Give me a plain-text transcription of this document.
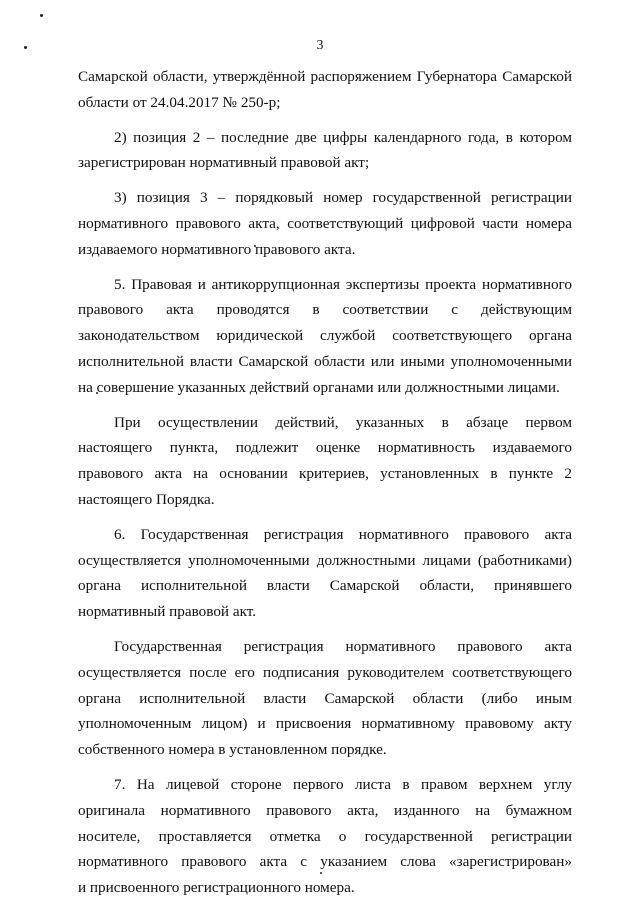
3
Самарской области, утверждённой распоряжением Губернатора Самарской
области от 24.04.2017 № 250-р;
2) позиция 2 – последние две цифры календарного года, в котором
зарегистрирован нормативный правовой акт;
3) позиция 3 – порядковый номер государственной регистрации
нормативного правового акта, соответствующий цифровой части номера
издаваемого нормативного правового акта.
5. Правовая и антикоррупционная экспертизы проекта нормативного
правового акта проводятся в соответствии с действующим
законодательством юридической службой соответствующего органа
исполнительной власти Самарской области или иными уполномоченными
на совершение указанных действий органами или должностными лицами.
При осуществлении действий, указанных в абзаце первом
настоящего пункта, подлежит оценке нормативность издаваемого
правового акта на основании критериев, установленных в пункте 2
настоящего Порядка.
6. Государственная регистрация нормативного правового акта
осуществляется уполномоченными должностными лицами (работниками)
органа исполнительной власти Самарской области, принявшего
нормативный правовой акт.
Государственная регистрация нормативного правового акта
осуществляется после его подписания руководителем соответствующего
органа исполнительной власти Самарской области (либо иным
уполномоченным лицом) и присвоения нормативному правовому акту
собственного номера в установленном порядке.
7. На лицевой стороне первого листа в правом верхнем углу
оригинала нормативного правового акта, изданного на бумажном
носителе, проставляется отметка о государственной регистрации
нормативного правового акта с указанием слова «зарегистрирован»
и присвоенного регистрационного номера.
